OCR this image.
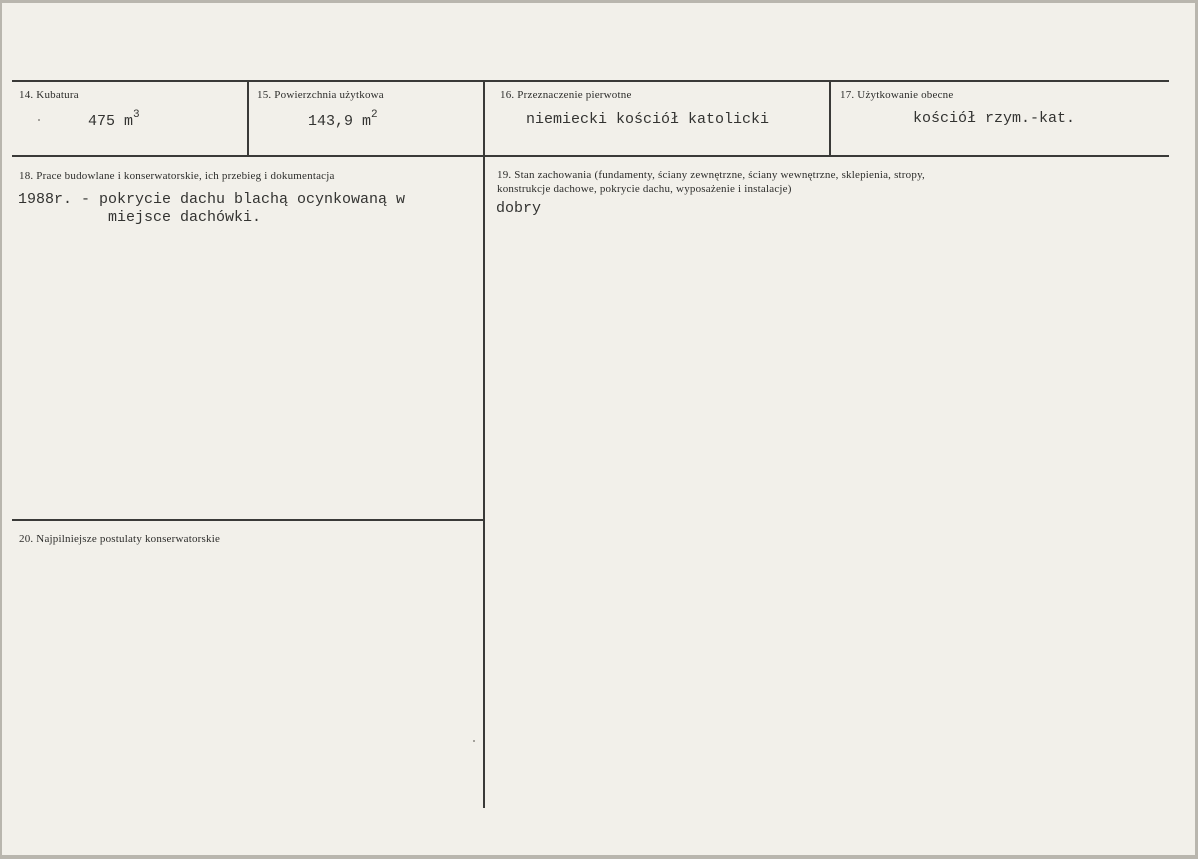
14. Kubatura
475 $m^3$
15. Powierzchnia użytkowa
143,9 $m^2$
16. Przeznaczenie pierwotne
niemiecki kościół katolicki
17. Użytkowanie obecne
kościół rzym.-kat.
18. Prace budowlane i konserwatorskie, ich przebieg i dokumentacja
1988r. - pokrycie dachu blachą ocynkowaną w
miejsce dachówki.
19. Stan zachowania (fundamenty, ściany zewnętrzne, ściany wewnętrzne, sklepienia, stropy,
konstrukcje dachowe, pokrycie dachu, wyposażenie i instalacje)
dobry
20. Najpilniejsze postulaty konserwatorskie
